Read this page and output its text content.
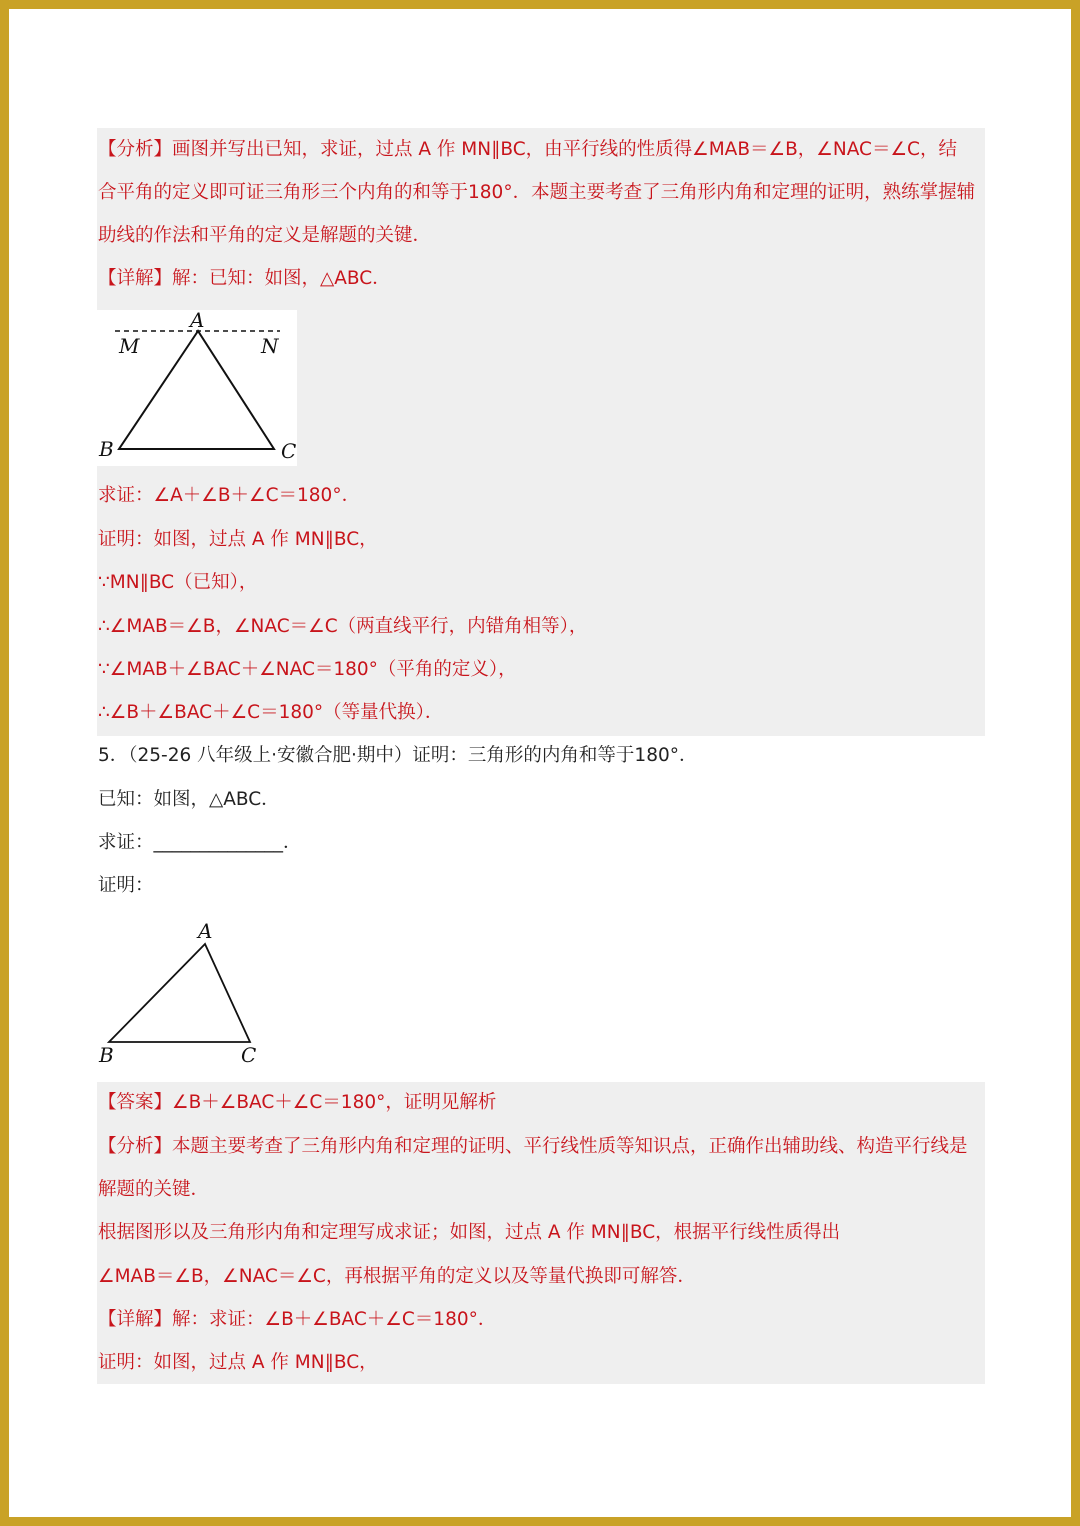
【分析】画图并写出已知，求证，过点 A 作 MN∥BC，由平行线的性质得∠MAB＝∠B，∠NAC＝∠C，结
合平角的定义即可证三角形三个内角的和等于180°．本题主要考查了三角形内角和定理的证明，熟练掌握辅
助线的作法和平角的定义是解题的关键．
【详解】解：已知：如图，△ABC．
A
M	N
B	C
求证：∠A＋∠B＋∠C＝180°．
证明：如图，过点 A 作 MN∥BC，
∵MN∥BC（已知），
∴∠MAB＝∠B，∠NAC＝∠C（两直线平行，内错角相等），
∵∠MAB＋∠BAC＋∠NAC＝180°（平角的定义），
∴∠B＋∠BAC＋∠C＝180°（等量代换）．
5．（25-26 八年级上·安徽合肥·期中）证明：三角形的内角和等于180°．
已知：如图，△ABC．
求证：______________．
证明：
A
B	C
【答案】∠B＋∠BAC＋∠C＝180°，证明见解析
【分析】本题主要考查了三角形内角和定理的证明、平行线性质等知识点，正确作出辅助线、构造平行线是
解题的关键．
根据图形以及三角形内角和定理写成求证；如图，过点 A 作 MN∥BC，根据平行线性质得出
∠MAB＝∠B，∠NAC＝∠C，再根据平角的定义以及等量代换即可解答．
【详解】解：求证：∠B＋∠BAC＋∠C＝180°．
证明：如图，过点 A 作 MN∥BC，
